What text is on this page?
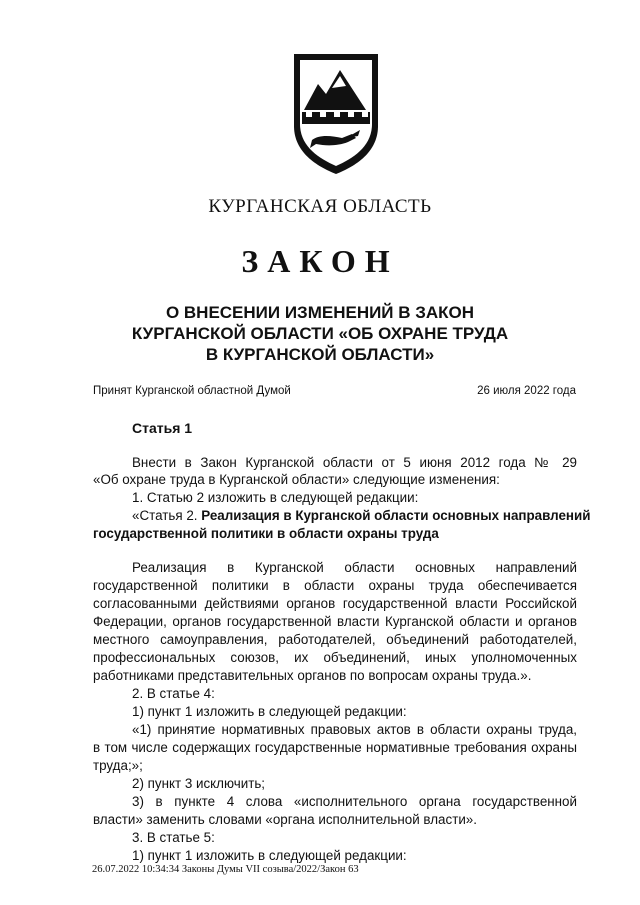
КУРГАНСКАЯ ОБЛАСТЬ
ЗАКОН
О ВНЕСЕНИИ ИЗМЕНЕНИЙ В ЗАКОН
КУРГАНСКОЙ ОБЛАСТИ «ОБ ОХРАНЕ ТРУДА
В КУРГАНСКОЙ ОБЛАСТИ»
Принят Курганской областной Думой	26 июля 2022 года
Статья 1
Внести в Закон Курганской области от 5 июня 2012 года № 29
«Об охране труда в Курганской области» следующие изменения:
1. Статью 2 изложить в следующей редакции:
«Статья 2. Реализация в Курганской области основных направлений
государственной политики в области охраны труда
Реализация в Курганской области основных направлений
государственной политики в области охраны труда обеспечивается
согласованными действиями органов государственной власти Российской
Федерации, органов государственной власти Курганской области и органов
местного самоуправления, работодателей, объединений работодателей,
профессиональных союзов, их объединений, иных уполномоченных
работниками представительных органов по вопросам охраны труда.».
2. В статье 4:
1) пункт 1 изложить в следующей редакции:
«1) принятие нормативных правовых актов в области охраны труда,
в том числе содержащих государственные нормативные требования охраны
труда;»;
2) пункт 3 исключить;
3) в пункте 4 слова «исполнительного органа государственной
власти» заменить словами «органа исполнительной власти».
3. В статье 5:
1) пункт 1 изложить в следующей редакции:
26.07.2022 10:34:34 Законы Думы VII созыва/2022/Закон 63
